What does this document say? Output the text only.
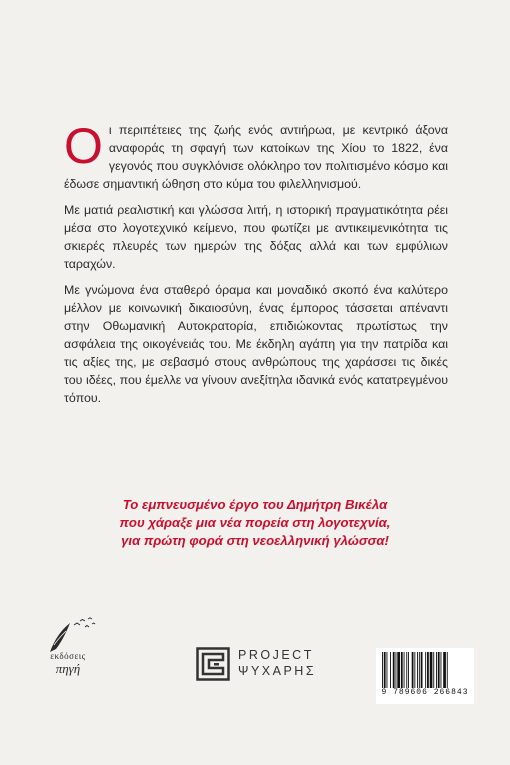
Ο ι περιπέτειες της ζωής ενός αντιήρωα, με κεντρικό άξονα αναφοράς τη σφαγή των κατοίκων της Χίου το 1822, ένα γεγονός που συγκλόνισε ολόκληρο τον πολιτισμένο κόσμο και έδωσε σημαντική ώθηση στο κύμα του φιλελληνισμού.

Με ματιά ρεαλιστική και γλώσσα λιτή, η ιστορική πραγματικότητα ρέει μέσα στο λογοτεχνικό κείμενο, που φωτίζει με αντικειμενικότητα τις σκιερές πλευρές των ημερών της δόξας αλλά και των εμφύλιων ταραχών.

Με γνώμονα ένα σταθερό όραμα και μοναδικό σκοπό ένα καλύτερο μέλλον με κοινωνική δικαιοσύνη, ένας έμπορος τάσσεται απέναντι στην Οθωμανική Αυτοκρατορία, επιδιώκοντας πρωτίστως την ασφάλεια της οικογένειάς του. Με έκδηλη αγάπη για την πατρίδα και τις αξίες της, με σεβασμό στους ανθρώπους της χαράσσει τις δικές του ιδέες, που έμελλε να γίνουν ανεξίτηλα ιδανικά ενός κατατρεγμένου τόπου.

Το εμπνευσμένο έργο του Δημήτρη Βικέλα
που χάραξε μια νέα πορεία στη λογοτεχνία,
για πρώτη φορά στη νεοελληνική γλώσσα!
εκδόσεις
πηγή
PROJECT
ΨΥΧΑΡΗΣ
9 789606 266843
